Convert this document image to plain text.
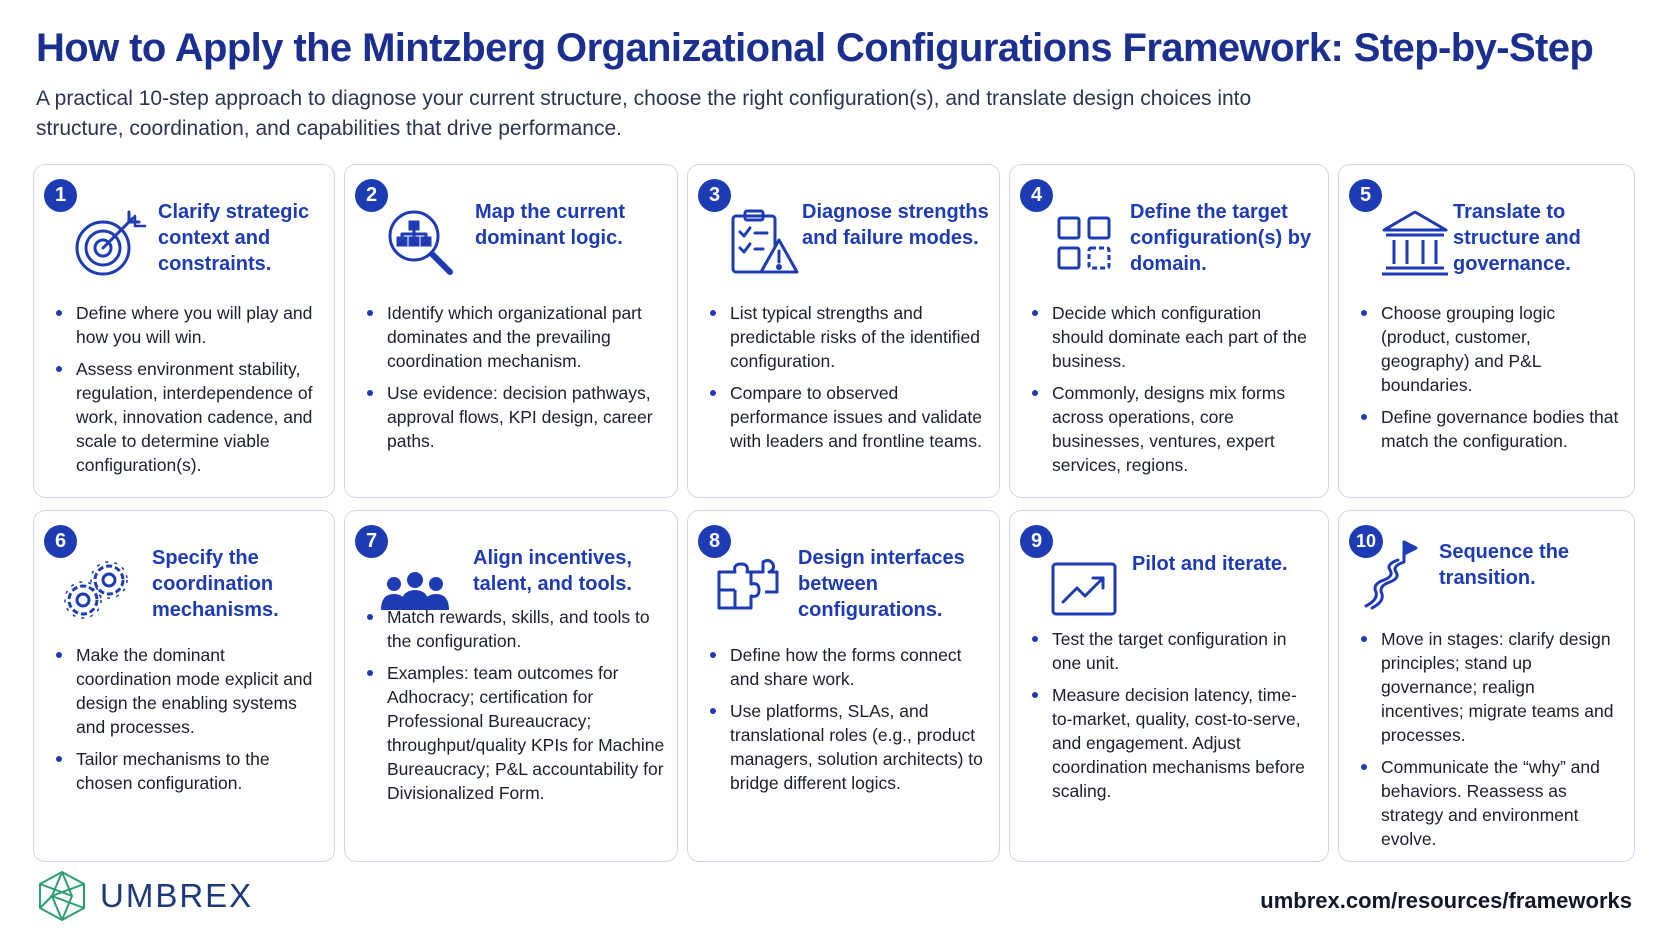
How to Apply the Mintzberg Organizational Configurations Framework: Step-by-Step
A practical 10-step approach to diagnose your current structure, choose the right configuration(s), and translate design choices into structure, coordination, and capabilities that drive performance.
1
Clarify strategic context and constraints.
Define where you will play and how you will win.
Assess environment stability, regulation, interdependence of work, innovation cadence, and scale to determine viable configuration(s).
2
Map the current dominant logic.
Identify which organizational part dominates and the prevailing coordination mechanism.
Use evidence: decision pathways, approval flows, KPI design, career paths.
3
Diagnose strengths and failure modes.
List typical strengths and predictable risks of the identified configuration.
Compare to observed performance issues and validate with leaders and frontline teams.
4
Define the target configuration(s) by domain.
Decide which configuration should dominate each part of the business.
Commonly, designs mix forms across operations, core businesses, ventures, expert services, regions.
5
Translate to structure and governance.
Choose grouping logic (product, customer, geography) and P&L boundaries.
Define governance bodies that match the configuration.
6
Specify the coordination mechanisms.
Make the dominant coordination mode explicit and design the enabling systems and processes.
Tailor mechanisms to the chosen configuration.
7
Align incentives, talent, and tools.
Match rewards, skills, and tools to the configuration.
Examples: team outcomes for Adhocracy; certification for Professional Bureaucracy; throughput/quality KPIs for Machine Bureaucracy; P&L accountability for Divisionalized Form.
8
Design interfaces between configurations.
Define how the forms connect and share work.
Use platforms, SLAs, and translational roles (e.g., product managers, solution architects) to bridge different logics.
9
Pilot and iterate.
Test the target configuration in one unit.
Measure decision latency, time-to-market, quality, cost-to-serve, and engagement. Adjust coordination mechanisms before scaling.
10	Sequence the transition.
Move in stages: clarify design principles; stand up governance; realign incentives; migrate teams and processes.
Communicate the “why” and behaviors. Reassess as strategy and environment evolve.
UMBREX	umbrex.com/resources/frameworks
